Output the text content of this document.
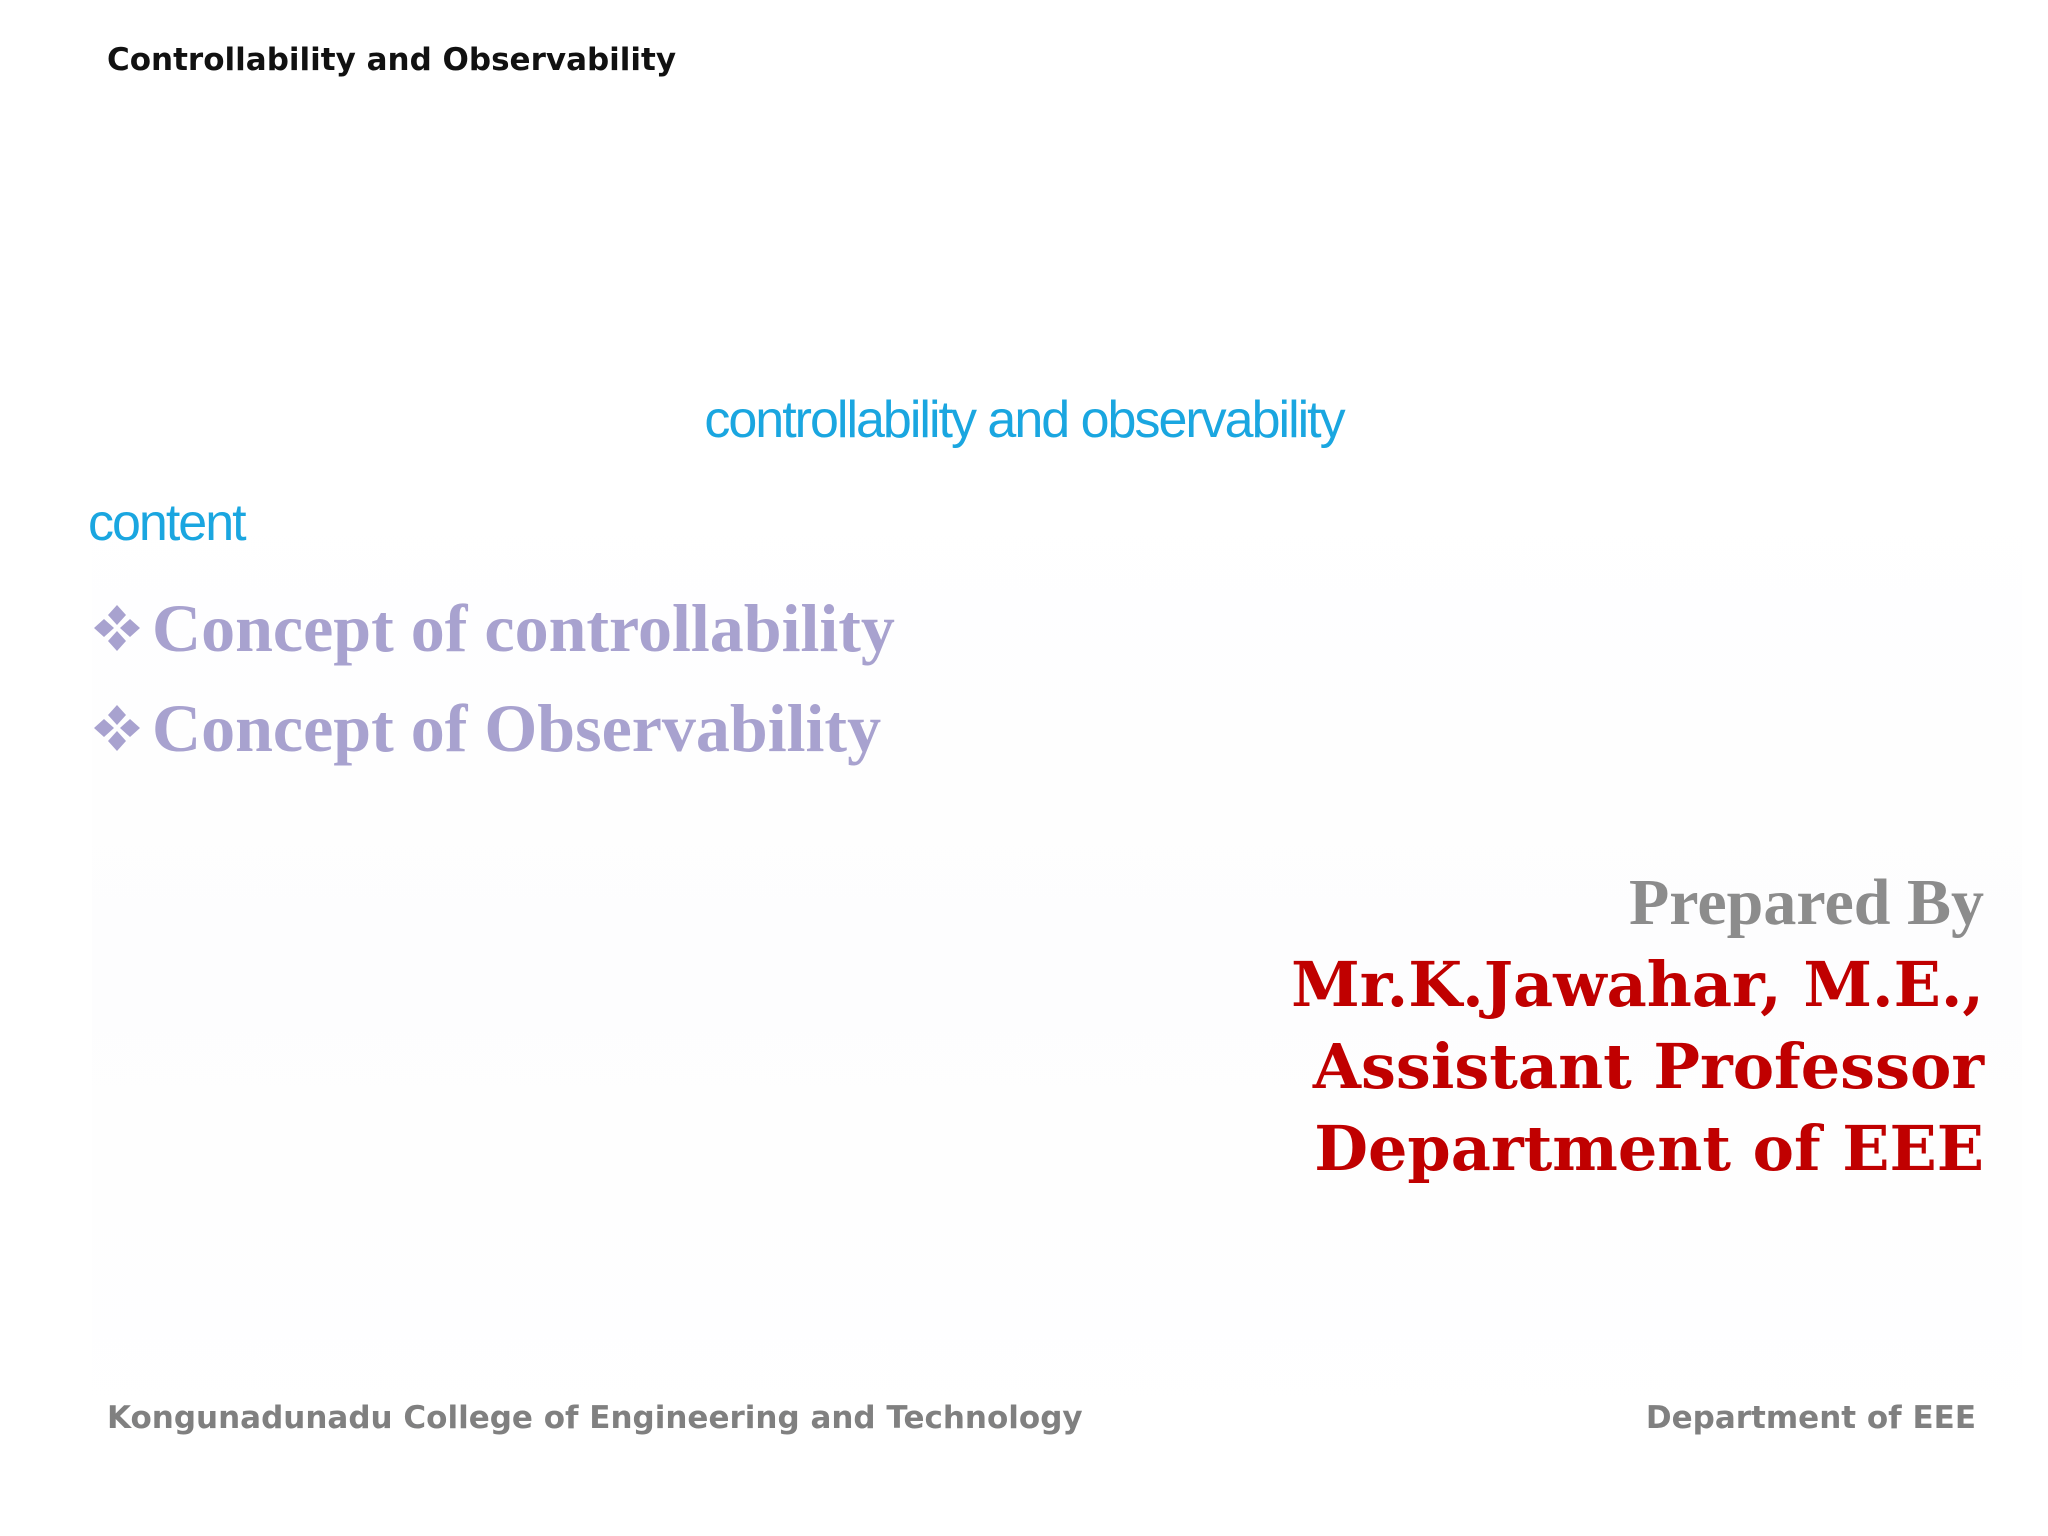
Controllability and Observability
controllability and observability
content
Concept of controllability
Concept of Observability
Prepared By
Mr.K.Jawahar, M.E.,
Assistant Professor
Department of EEE
Kongunadunadu College of Engineering and Technology	Department of EEE
